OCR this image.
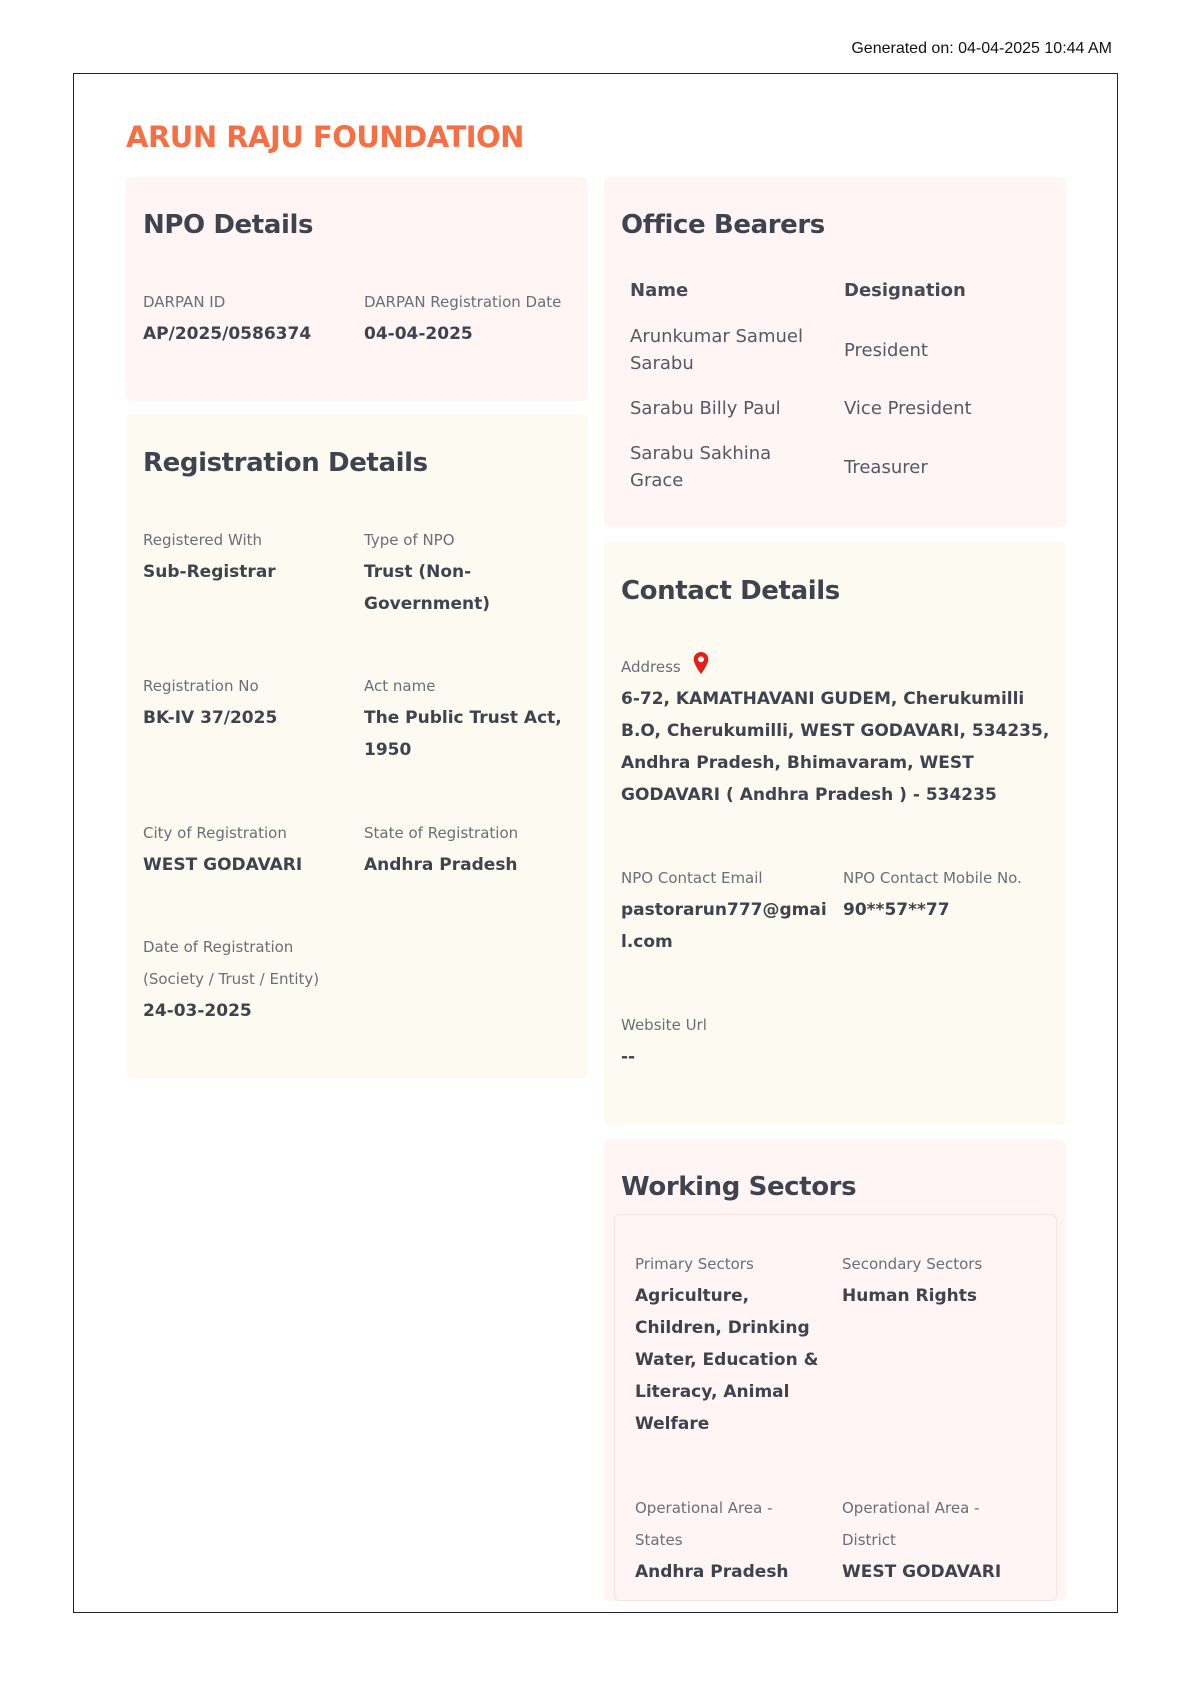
Generated on: 04-04-2025 10:44 AM
ARUN RAJU FOUNDATION
NPO Details
DARPAN ID
AP/2025/0586374
DARPAN Registration Date
04-04-2025
Registration Details
Registered With
Sub-Registrar
Type of NPO
Trust (Non-
Government)
Registration No
BK-IV 37/2025
Act name
The Public Trust Act,
1950
City of Registration
WEST GODAVARI
State of Registration
Andhra Pradesh
Date of Registration
(Society / Trust / Entity)
24-03-2025
Office Bearers
Name	Designation
Arunkumar Samuel
Sarabu
President
Sarabu Billy Paul	Vice President
Sarabu Sakhina
Grace
Treasurer
Contact Details
Address
6-72, KAMATHAVANI GUDEM, Cherukumilli
B.O, Cherukumilli, WEST GODAVARI, 534235,
Andhra Pradesh, Bhimavaram, WEST
GODAVARI ( Andhra Pradesh ) - 534235
NPO Contact Email
pastorarun777@gmai
l.com
NPO Contact Mobile No.
90**57**77
Website Url
--
Working Sectors
Primary Sectors
Agriculture,
Children, Drinking
Water, Education &
Literacy, Animal
Welfare
Secondary Sectors
Human Rights
Operational Area -
States
Andhra Pradesh
Operational Area -
District
WEST GODAVARI
